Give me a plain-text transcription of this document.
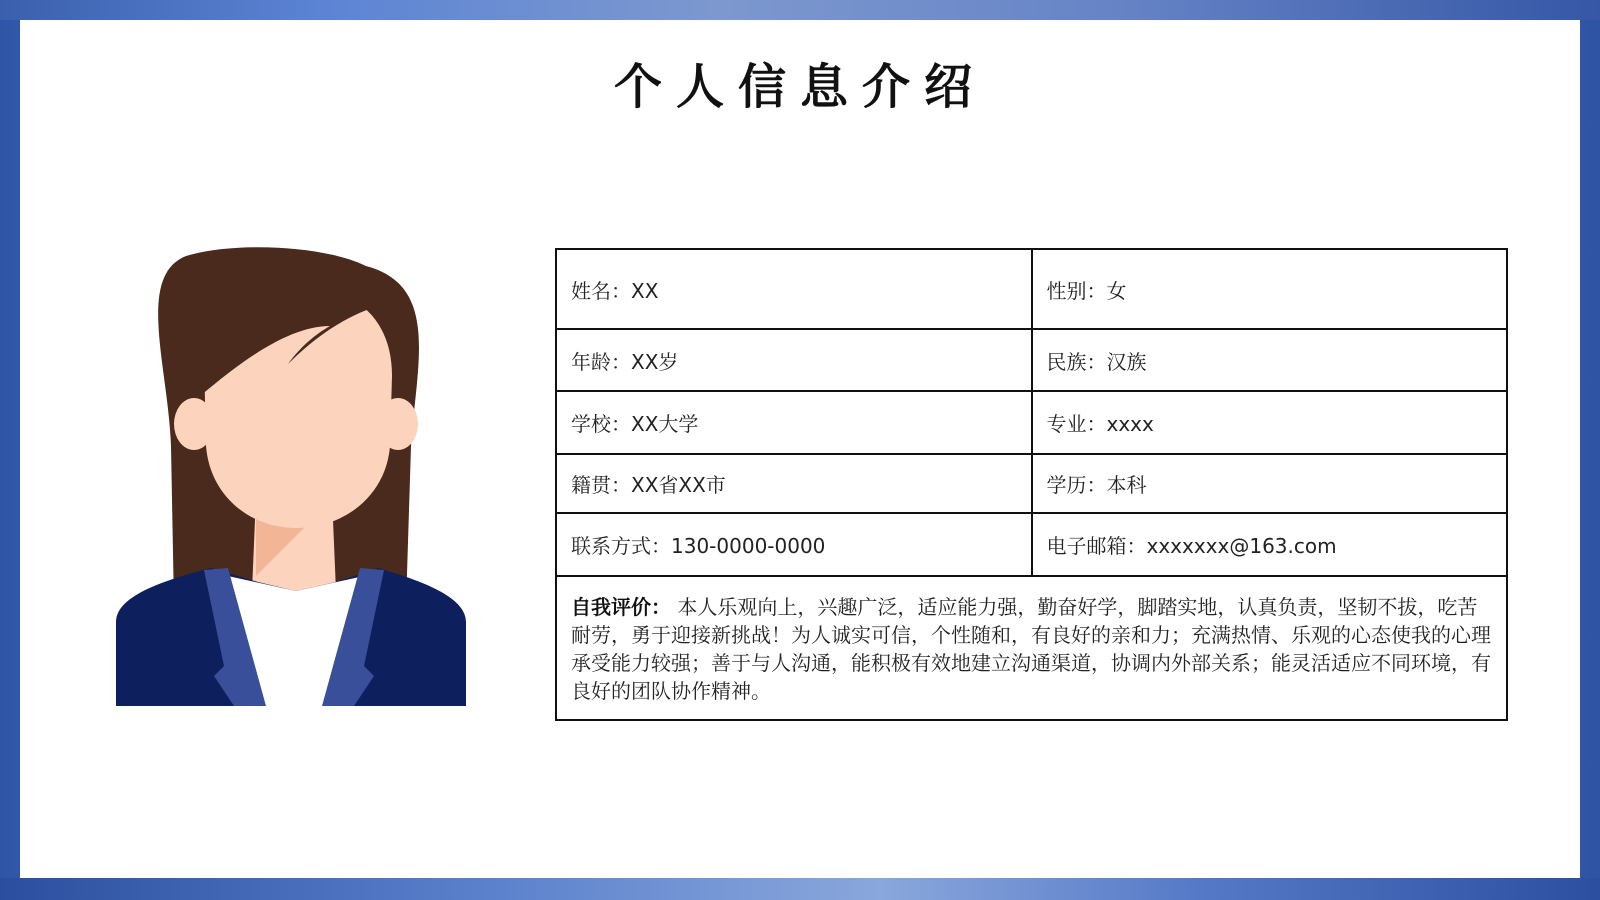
个人信息介绍
姓名：XX	性别：女
年龄：XX岁	民族：汉族
学校：XX大学	专业：xxxx
籍贯：XX省XX市	学历：本科
联系方式：130-0000-0000	电子邮箱：xxxxxxx@163.com
自我评价： 本人乐观向上，兴趣广泛，适应能力强，勤奋好学，脚踏实地，认真负责，坚韧不拔，吃苦耐劳，勇于迎接新挑战！为人诚实可信，个性随和，有良好的亲和力；充满热情、乐观的心态使我的心理承受能力较强；善于与人沟通，能积极有效地建立沟通渠道，协调内外部关系；能灵活适应不同环境，有良好的团队协作精神。	
